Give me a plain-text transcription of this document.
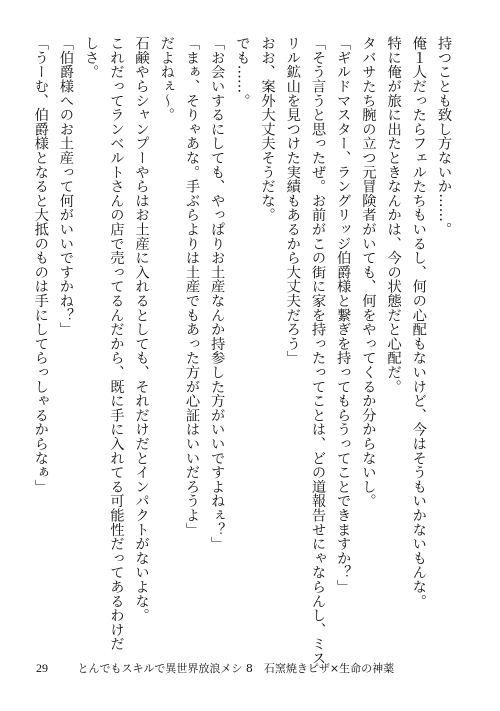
持つことも致し方ないか……。
俺１人だったらフェルたちもいるし、何の心配もないけど、今はそうもいかないもんな。
特に俺が旅に出たときなんかは、今の状態だと心配だ。
タバサたち腕の立つ元冒険者がいても、何をやってくるか分からないし。
「ギルドマスター、ラングリッジ伯爵様と繋ぎを持ってもらうってことできますか？」
「そう言うと思ったぜ。お前がこの街に家を持ったってことは、どの道報告せにゃならんし、ミス
リル鉱山を見つけた実績もあるから大丈夫だろう」
おお、案外大丈夫そうだな。
でも……。
「お会いするにしても、やっぱりお土産なんか持参した方がいいですよねぇ？」
「まぁ、そりゃあな。手ぶらよりは土産でもあった方が心証はいいだろうよ」
だよねぇ～。
石鹸やらシャンプーやらはお土産に入れるとしても、それだけだとインパクトがないよな。
これだってランベルトさんの店で売ってるんだから、既に手に入れてる可能性だってあるわけだ
しさ。
「伯爵様へのお土産って何がいいですかね？」
「うーむ、伯爵様となると大抵のものは手にしてらっしゃるからなぁ」
29	とんでもスキルで異世界放浪メシ 8　石窯焼きピザ×生命の神薬
